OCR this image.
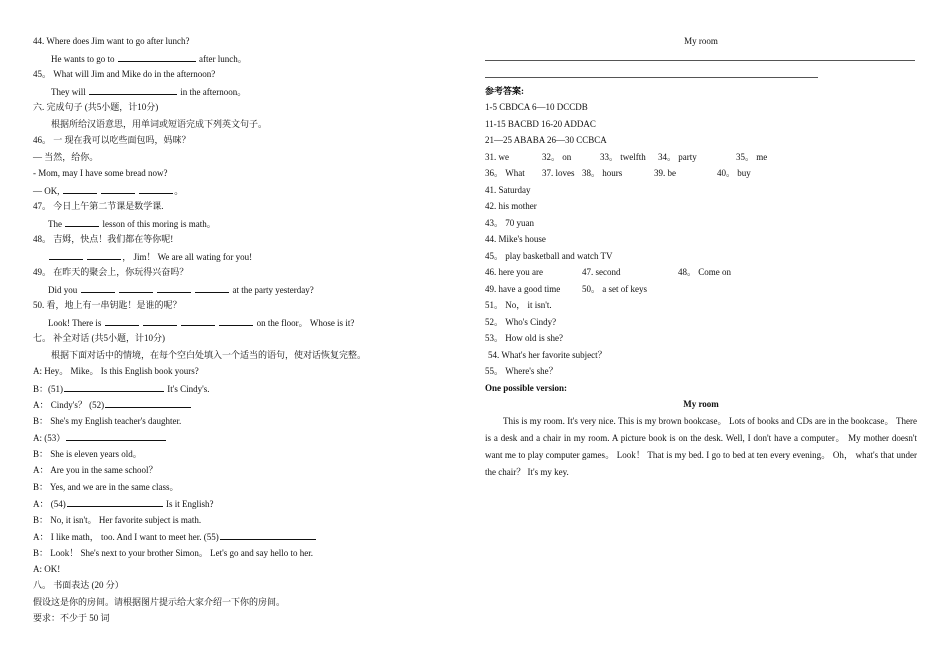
44. Where does Jim want to go after lunch?
He wants to go to	after lunch。
45。 What will Jim and Mike do in the afternoon?
They will	in the afternoon。
六. 完成句子 (共5小题，计10分)
根据所给汉语意思，用单词或短语完成下列英文句子。
46。 一 现在我可以吃些面包吗，妈咪？
— 当然，给你。
- Mom, may I have some bread now?
— OK,	。
47。 今日上午第二节课是数学课.
The	lesson of this moring is math。
48。 吉姆，快点！我们都在等你呢!
， Jim！ We are all wating for you!
49。 在昨天的聚会上，你玩得兴奋吗？
Did you	at the party yesterday?
50. 看，地上有一串钥匙！是谁的呢？
Look! There is	on the floor。 Whose is it?
七。 补全对话 (共5小题，计10分)
根据下面对话中的情境，在每个空白处填入一个适当的语句，使对话恢复完整。
A: Hey。 Mike。 Is this English book yours?
B：(51)	It's Cindy's.
A： Cindy's？ (52)
B： She's my English teacher's daughter.
A: (53）
B： She is eleven years old。
A： Are you in the same school？
B： Yes, and we are in the same class。
A： (54)	Is it English?
B： No, it isn't。 Her favorite subject is math.
A： I like math， too. And I want to meet her. (55)
B： Look！ She's next to your brother Simon。 Let's go and say hello to her.
A: OK!
八。 书面表达 (20 分）
假设这是你的房间。请根据图片提示给大家介绍一下你的房间。
要求：不少于 50 词
My room
参考答案:
1-5 CBDCA 6—10 DCCDB
11-15 BACBD 16-20 ADDAC
21—25 ABABA 26—30 CCBCA
31. we	32。 on	33。 twelfth 34。 party	35。 me
36。 What 37. loves 38。 hours	39. be	40。 buy
41. Saturday
42. his mother
43。 70 yuan
44. Mike's house
45。 play basketball and watch TV
46. here you are	47. second	48。 Come on
49. have a good time 50。 a set of keys
51。 No， it isn't.
52。 Who's Cindy?
53。 How old is she?
54. What's her favorite subject？
55。 Where's she？
One possible version:
My room
This is my room. It's very nice. This is my brown bookcase。 Lots of books and CDs are in the bookcase。 There is a desk and a chair in my room. A picture book is on the desk. Well, I don't have a computer。 My mother doesn't want me to play computer games。 Look！ That is my bed. I go to bed at ten every evening。 Oh， what's that under the chair？ It's my key.
